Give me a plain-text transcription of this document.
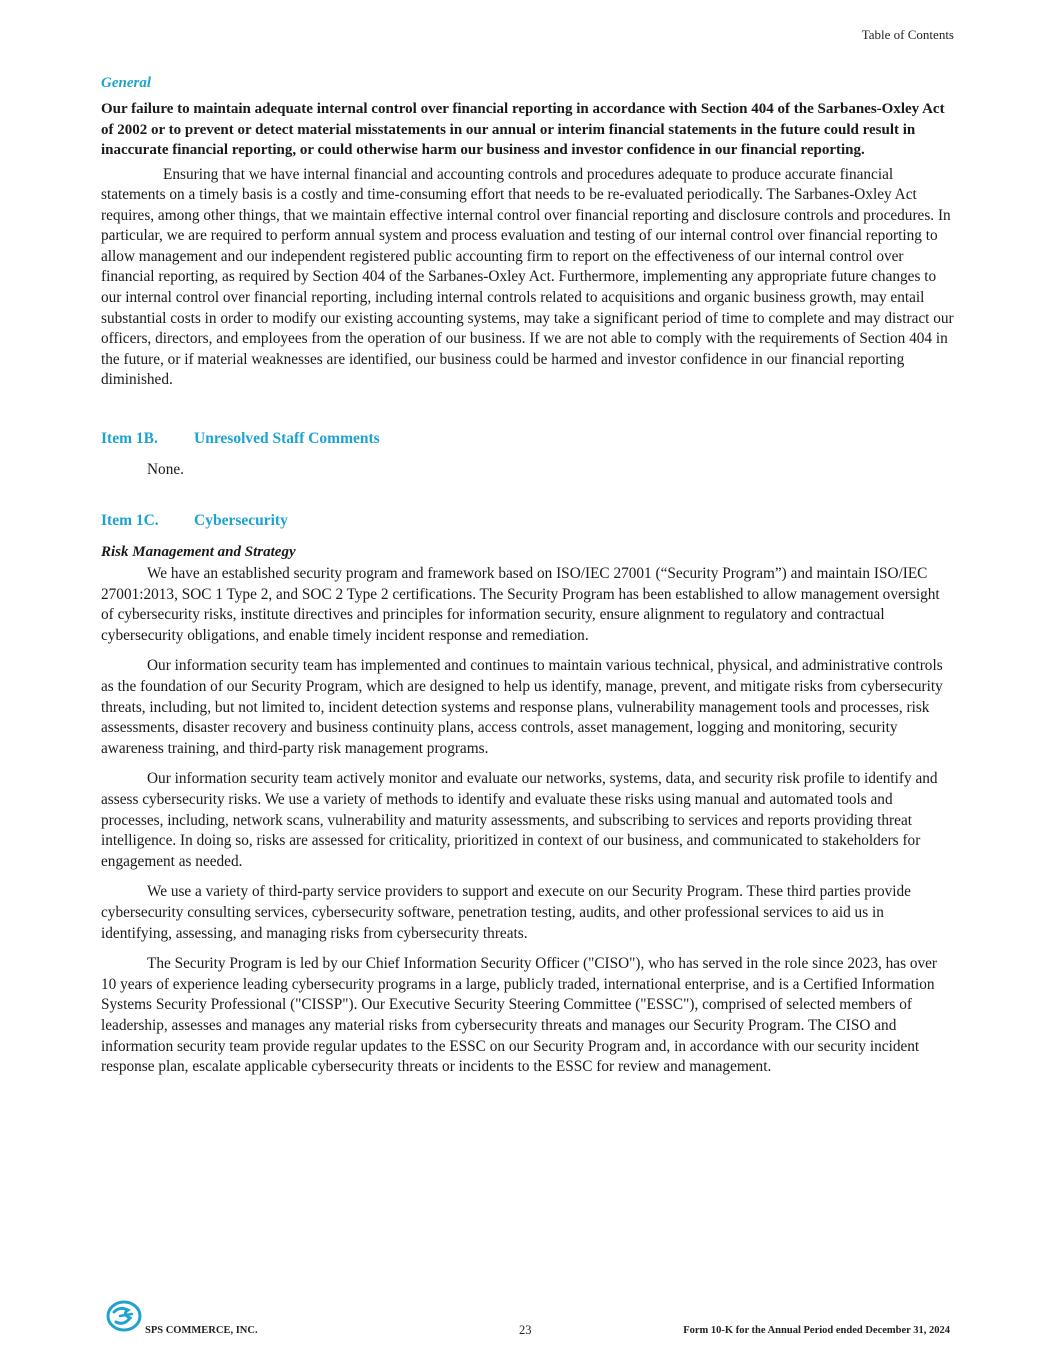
Table of Contents
General
Our failure to maintain adequate internal control over financial reporting in accordance with Section 404 of the Sarbanes-Oxley Act of 2002 or to prevent or detect material misstatements in our annual or interim financial statements in the future could result in inaccurate financial reporting, or could otherwise harm our business and investor confidence in our financial reporting.

Ensuring that we have internal financial and accounting controls and procedures adequate to produce accurate financial statements on a timely basis is a costly and time-consuming effort that needs to be re-evaluated periodically. The Sarbanes-Oxley Act requires, among other things, that we maintain effective internal control over financial reporting and disclosure controls and procedures. In particular, we are required to perform annual system and process evaluation and testing of our internal control over financial reporting to allow management and our independent registered public accounting firm to report on the effectiveness of our internal control over financial reporting, as required by Section 404 of the Sarbanes-Oxley Act. Furthermore, implementing any appropriate future changes to our internal control over financial reporting, including internal controls related to acquisitions and organic business growth, may entail substantial costs in order to modify our existing accounting systems, may take a significant period of time to complete and may distract our officers, directors, and employees from the operation of our business. If we are not able to comply with the requirements of Section 404 in the future, or if material weaknesses are identified, our business could be harmed and investor confidence in our financial reporting diminished.

Item 1B.	Unresolved Staff Comments
None.
Item 1C.	Cybersecurity
Risk Management and Strategy

We have an established security program and framework based on ISO/IEC 27001 (“Security Program”) and maintain ISO/IEC 27001:2013, SOC 1 Type 2, and SOC 2 Type 2 certifications. The Security Program has been established to allow management oversight of cybersecurity risks, institute directives and principles for information security, ensure alignment to regulatory and contractual cybersecurity obligations, and enable timely incident response and remediation.

Our information security team has implemented and continues to maintain various technical, physical, and administrative controls as the foundation of our Security Program, which are designed to help us identify, manage, prevent, and mitigate risks from cybersecurity threats, including, but not limited to, incident detection systems and response plans, vulnerability management tools and processes, risk assessments, disaster recovery and business continuity plans, access controls, asset management, logging and monitoring, security awareness training, and third-party risk management programs.

Our information security team actively monitor and evaluate our networks, systems, data, and security risk profile to identify and assess cybersecurity risks. We use a variety of methods to identify and evaluate these risks using manual and automated tools and processes, including, network scans, vulnerability and maturity assessments, and subscribing to services and reports providing threat intelligence. In doing so, risks are assessed for criticality, prioritized in context of our business, and communicated to stakeholders for engagement as needed.

We use a variety of third-party service providers to support and execute on our Security Program. These third parties provide cybersecurity consulting services, cybersecurity software, penetration testing, audits, and other professional services to aid us in identifying, assessing, and managing risks from cybersecurity threats.

The Security Program is led by our Chief Information Security Officer ("CISO"), who has served in the role since 2023, has over 10 years of experience leading cybersecurity programs in a large, publicly traded, international enterprise, and is a Certified Information Systems Security Professional ("CISSP"). Our Executive Security Steering Committee ("ESSC"), comprised of selected members of leadership, assesses and manages any material risks from cybersecurity threats and manages our Security Program. The CISO and information security team provide regular updates to the ESSC on our Security Program and, in accordance with our security incident response plan, escalate applicable cybersecurity threats or incidents to the ESSC for review and management.

SPS COMMERCE, INC.	23	Form 10-K for the Annual Period ended December 31, 2024
